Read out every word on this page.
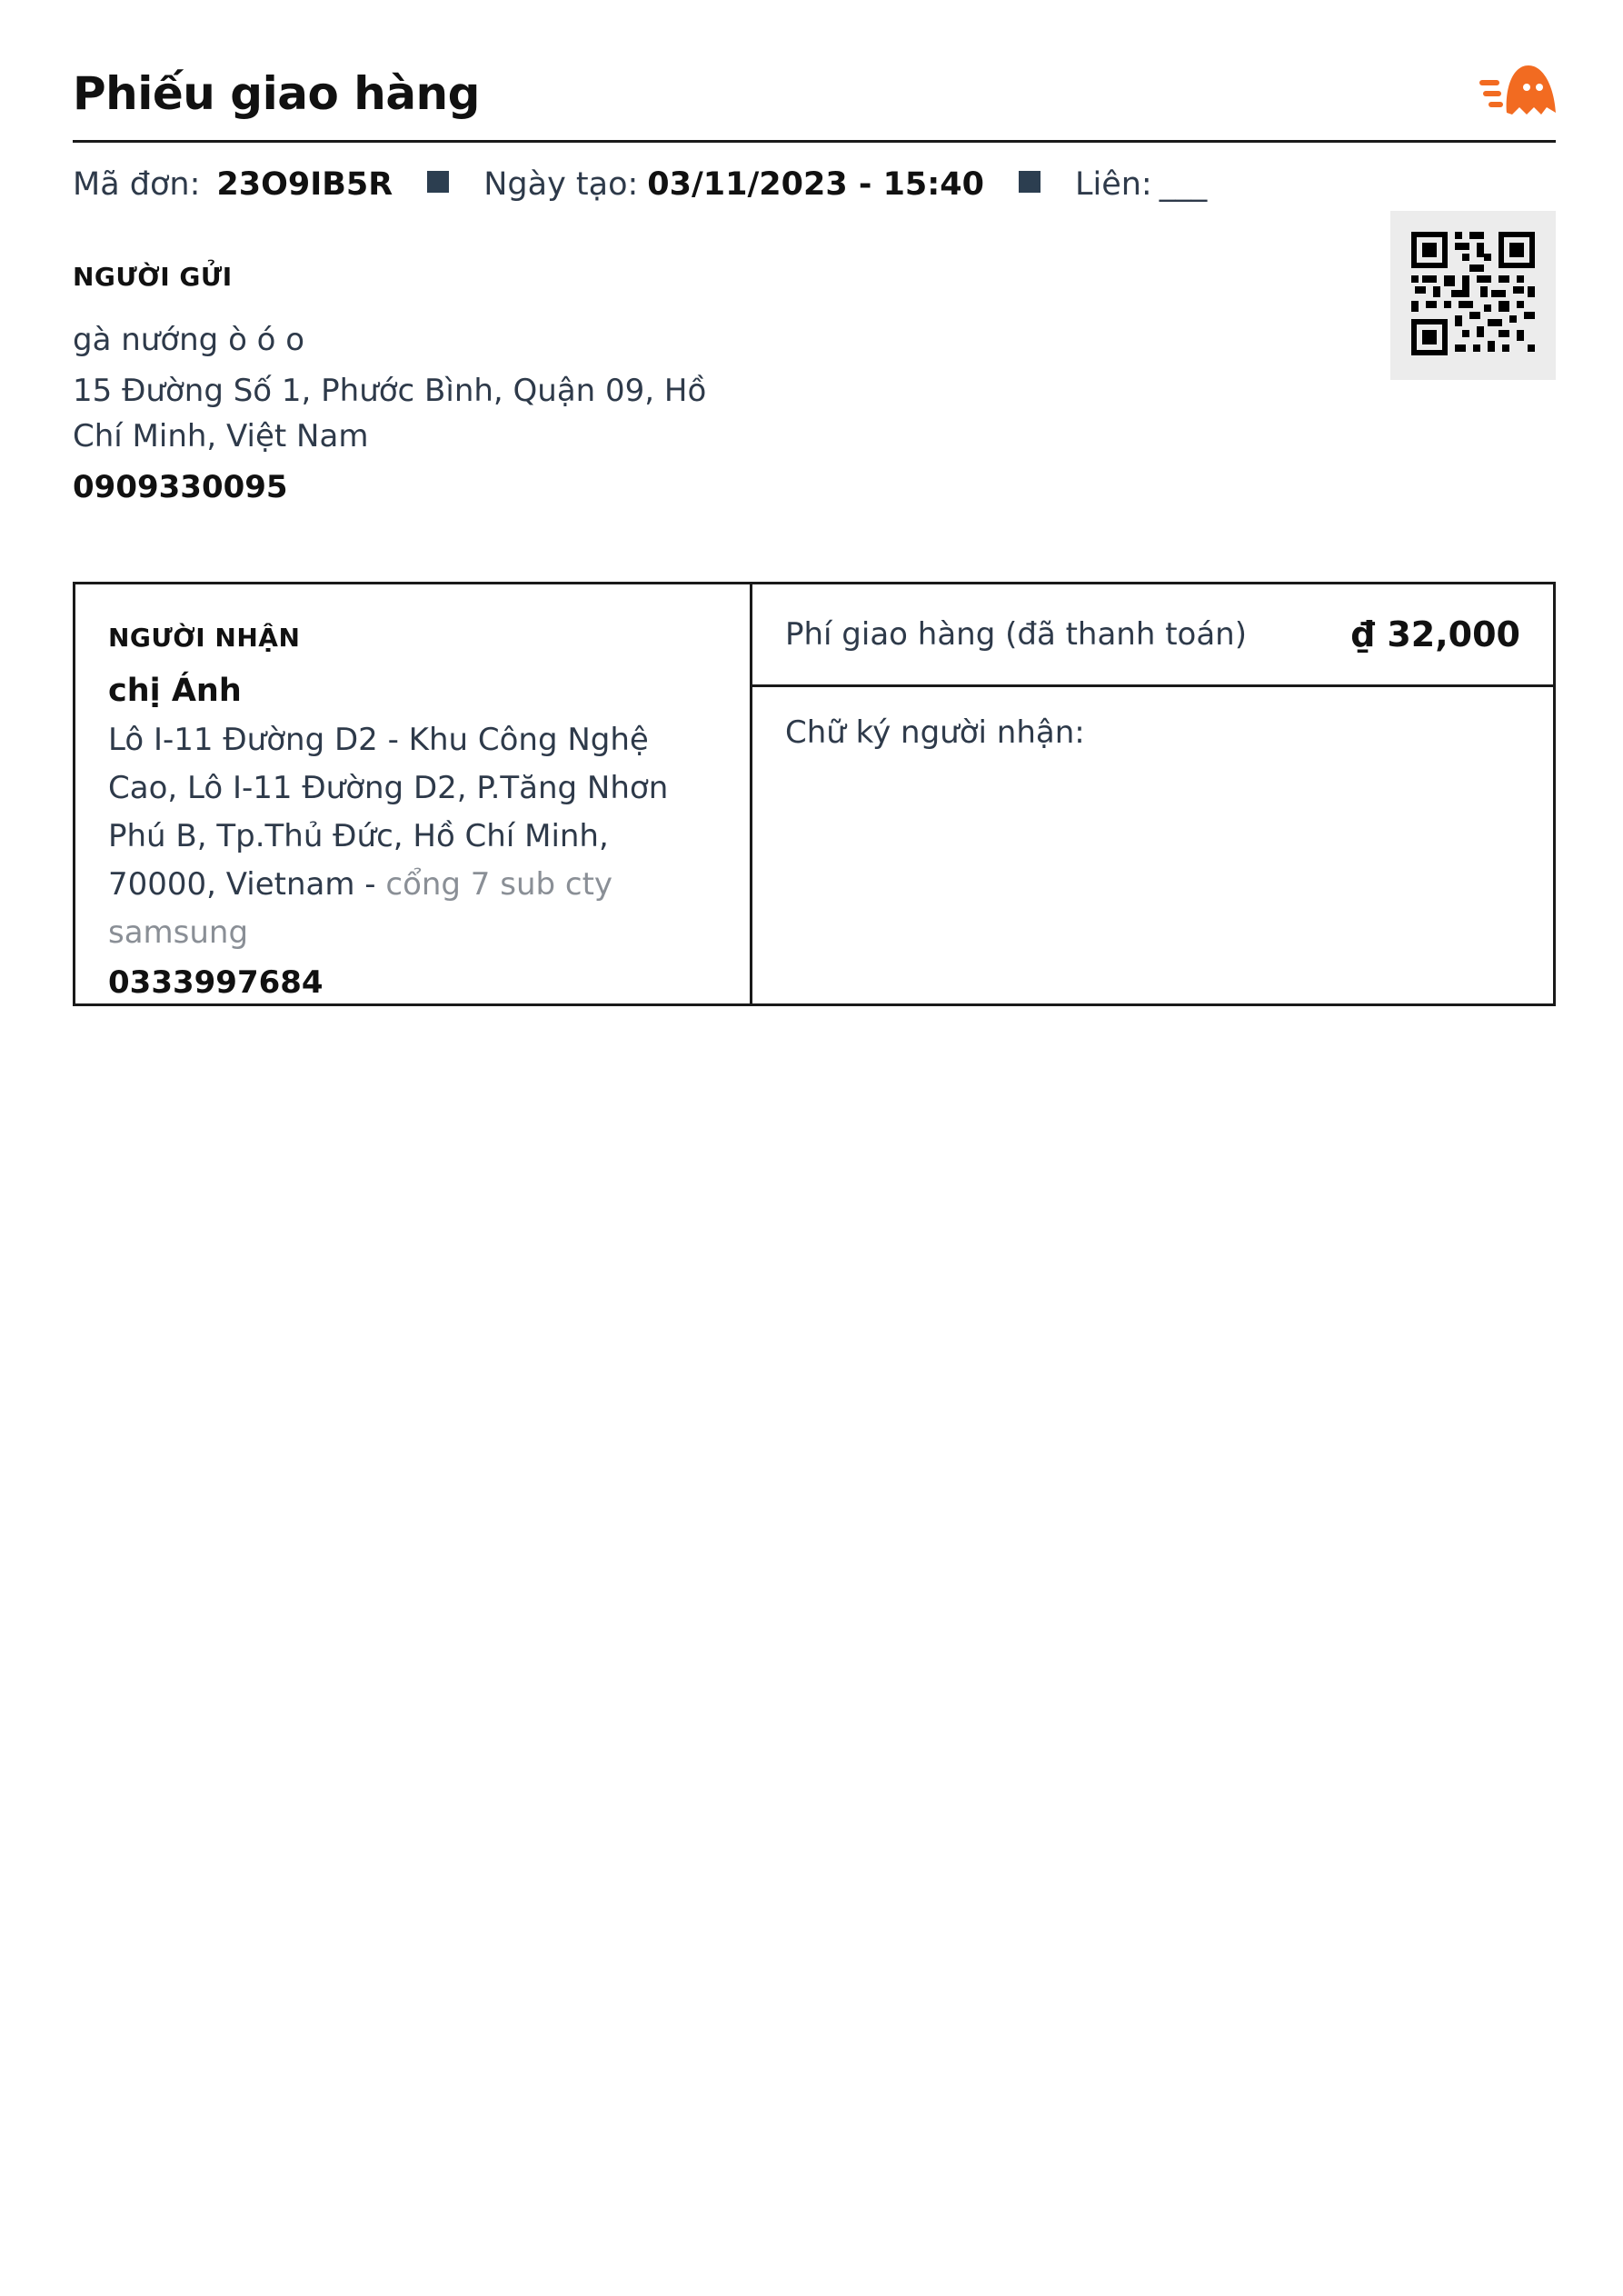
Phiếu giao hàng
Mã đơn: 23O9IB5R	Ngày tạo: 03/11/2023 - 15:40	Liên: ___
NGƯỜI GỬI
gà nướng ò ó o
15 Đường Số 1, Phước Bình, Quận 09, Hồ Chí Minh, Việt Nam
0909330095
NGƯỜI NHẬN
chị Ánh
Lô I-11 Đường D2 - Khu Công Nghệ Cao, Lô I-11 Đường D2, P.Tăng Nhơn Phú B, Tp.Thủ Đức, Hồ Chí Minh, 70000, Vietnam - cổng 7 sub cty samsung
0333997684
Phí giao hàng (đã thanh toán)	₫ 32,000
Chữ ký người nhận:
